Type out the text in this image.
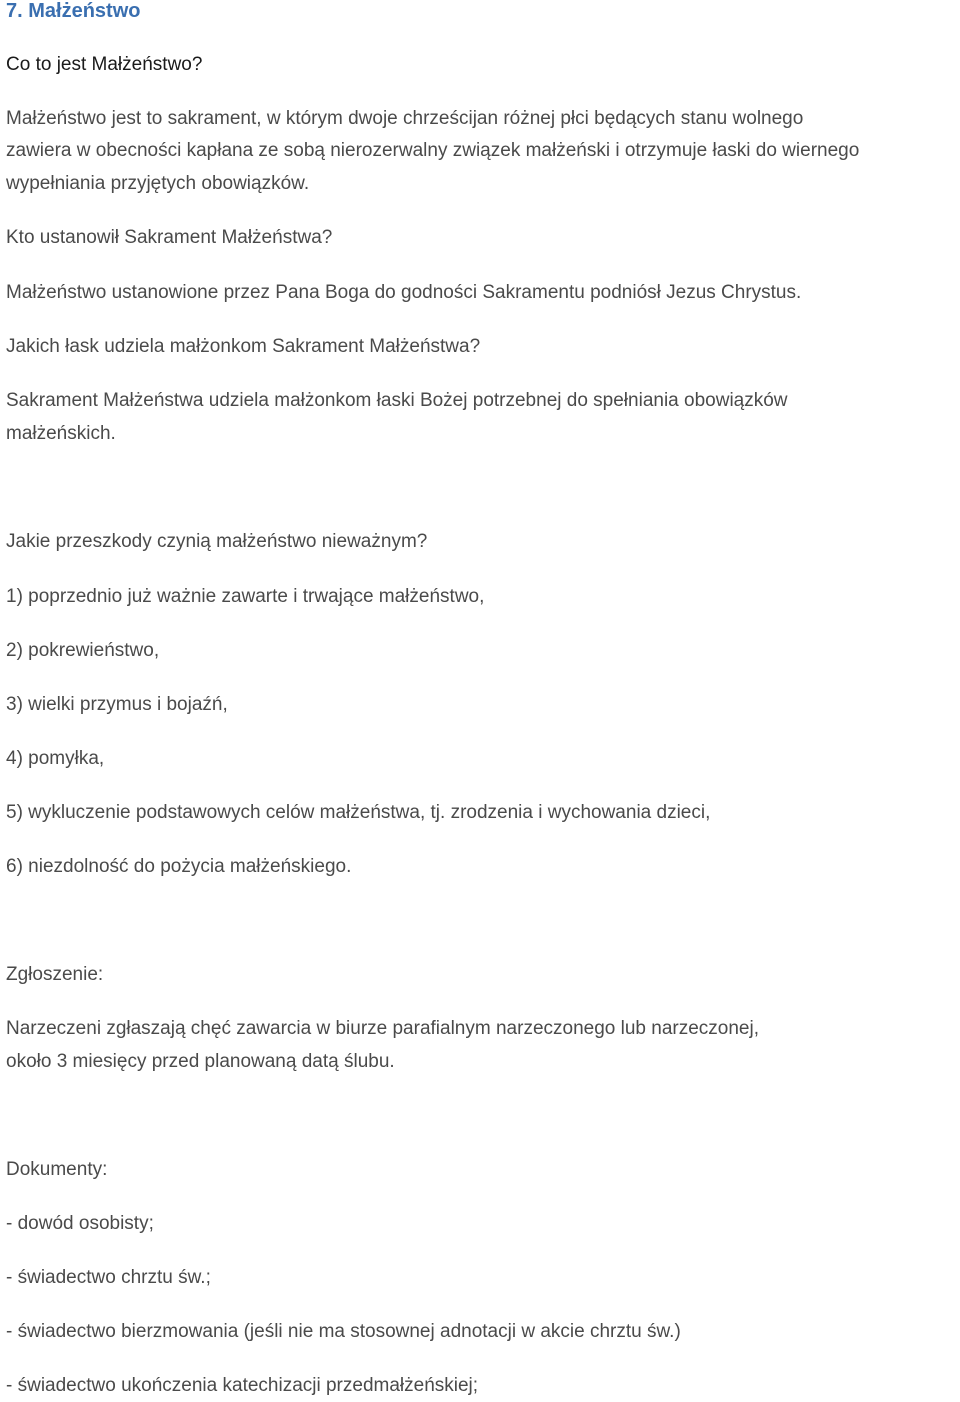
7. Małżeństwo

Co to jest Małżeństwo?

Małżeństwo jest to sakrament, w którym dwoje chrześcijan różnej płci będących stanu wolnego

zawiera w obecności kapłana ze sobą nierozerwalny związek małżeński i otrzymuje łaski do wiernego

wypełniania przyjętych obowiązków.

Kto ustanowił Sakrament Małżeństwa?

Małżeństwo ustanowione przez Pana Boga do godności Sakramentu podniósł Jezus Chrystus.

Jakich łask udziela małżonkom Sakrament Małżeństwa?

Sakrament Małżeństwa udziela małżonkom łaski Bożej potrzebnej do spełniania obowiązków

małżeńskich.

Jakie przeszkody czynią małżeństwo nieważnym?

1) poprzednio już ważnie zawarte i trwające małżeństwo,

2) pokrewieństwo,

3) wielki przymus i bojaźń,

4) pomyłka,

5) wykluczenie podstawowych celów małżeństwa, tj. zrodzenia i wychowania dzieci,

6) niezdolność do pożycia małżeńskiego.

Zgłoszenie:

Narzeczeni zgłaszają chęć zawarcia w biurze parafialnym narzeczonego lub narzeczonej,

około 3 miesięcy przed planowaną datą ślubu.

Dokumenty:

- dowód osobisty;

- świadectwo chrztu św.;

- świadectwo bierzmowania (jeśli nie ma stosownej adnotacji w akcie chrztu św.)

- świadectwo ukończenia katechizacji przedmałżeńskiej;
